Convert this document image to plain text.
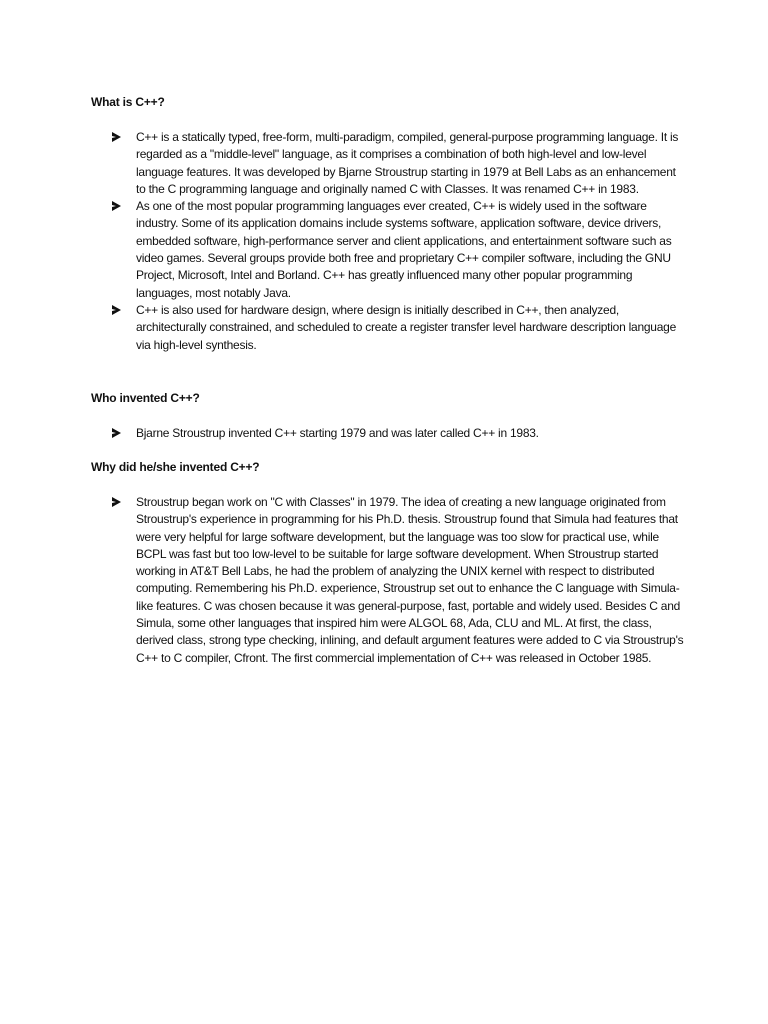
What is C++?
C++ is a statically typed, free-form, multi-paradigm, compiled, general-purpose programming language. It is regarded as a "middle-level" language, as it comprises a combination of both high-level and low-level language features. It was developed by Bjarne Stroustrup starting in 1979 at Bell Labs as an enhancement to the C programming language and originally named C with Classes. It was renamed C++ in 1983.
As one of the most popular programming languages ever created, C++ is widely used in the software industry. Some of its application domains include systems software, application software, device drivers, embedded software, high-performance server and client applications, and entertainment software such as video games. Several groups provide both free and proprietary C++ compiler software, including the GNU Project, Microsoft, Intel and Borland. C++ has greatly influenced many other popular programming languages, most notably Java.
C++ is also used for hardware design, where design is initially described in C++, then analyzed, architecturally constrained, and scheduled to create a register transfer level hardware description language via high-level synthesis.
Who invented C++?
Bjarne Stroustrup invented C++ starting 1979 and was later called C++ in 1983.
Why did he/she invented C++?
Stroustrup began work on "C with Classes" in 1979. The idea of creating a new language originated from Stroustrup's experience in programming for his Ph.D. thesis. Stroustrup found that Simula had features that were very helpful for large software development, but the language was too slow for practical use, while BCPL was fast but too low-level to be suitable for large software development. When Stroustrup started working in AT&T Bell Labs, he had the problem of analyzing the UNIX kernel with respect to distributed computing. Remembering his Ph.D. experience, Stroustrup set out to enhance the C language with Simula-like features. C was chosen because it was general-purpose, fast, portable and widely used. Besides C and Simula, some other languages that inspired him were ALGOL 68, Ada, CLU and ML. At first, the class, derived class, strong type checking, inlining, and default argument features were added to C via Stroustrup's C++ to C compiler, Cfront. The first commercial implementation of C++ was released in October 1985.
